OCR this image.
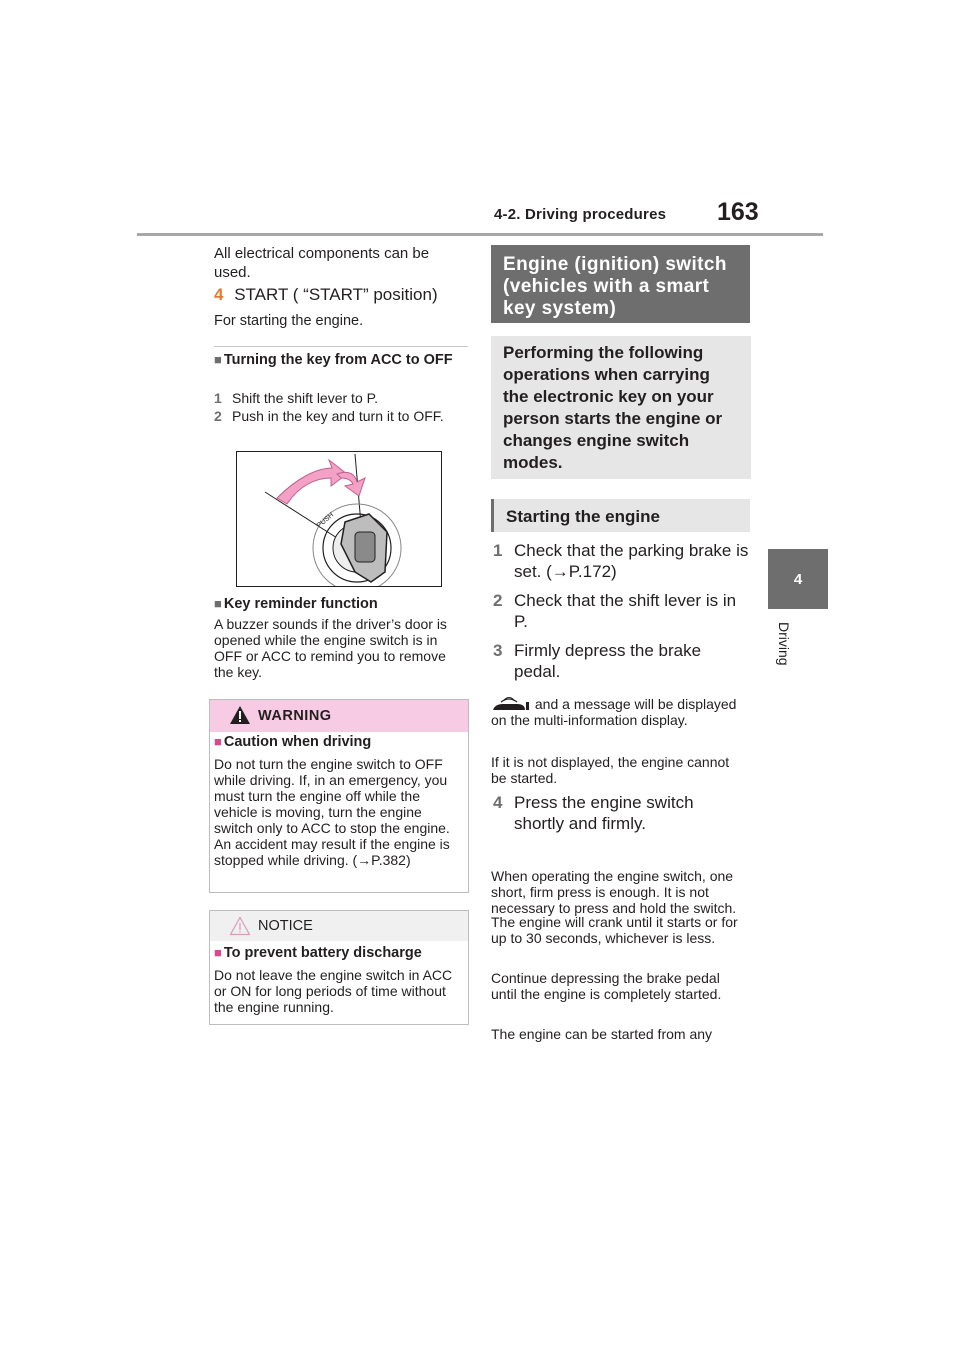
4-2. Driving procedures 163
4
Driving
All electrical components can be used.
4 START ( “START” position)
For starting the engine.
■ Turning the key from ACC to OFF
1 Shift the shift lever to P.
2 Push in the key and turn it to OFF.
PUSH
■ Key reminder function
A buzzer sounds if the driver’s door is opened while the engine switch is in OFF or ACC to remind you to remove the key.
WARNING
■ Caution when driving
Do not turn the engine switch to OFF while driving. If, in an emergency, you must turn the engine off while the vehicle is moving, turn the engine switch only to ACC to stop the engine. An accident may result if the engine is stopped while driving. (→P.382)
NOTICE
■ To prevent battery discharge
Do not leave the engine switch in ACC or ON for long periods of time without the engine running.
Engine (ignition) switch (vehicles with a smart key system)
Performing the following operations when carrying the electronic key on your person starts the engine or changes engine switch modes.
Starting the engine
1 Check that the parking brake is set. (→P.172)
2 Check that the shift lever is in P.
3 Firmly depress the brake pedal.
and a message will be displayed on the multi-information display.
If it is not displayed, the engine cannot be started.
4 Press the engine switch shortly and firmly.
When operating the engine switch, one short, firm press is enough. It is not necessary to press and hold the switch.
The engine will crank until it starts or for up to 30 seconds, whichever is less.
Continue depressing the brake pedal until the engine is completely started.
The engine can be started from any
